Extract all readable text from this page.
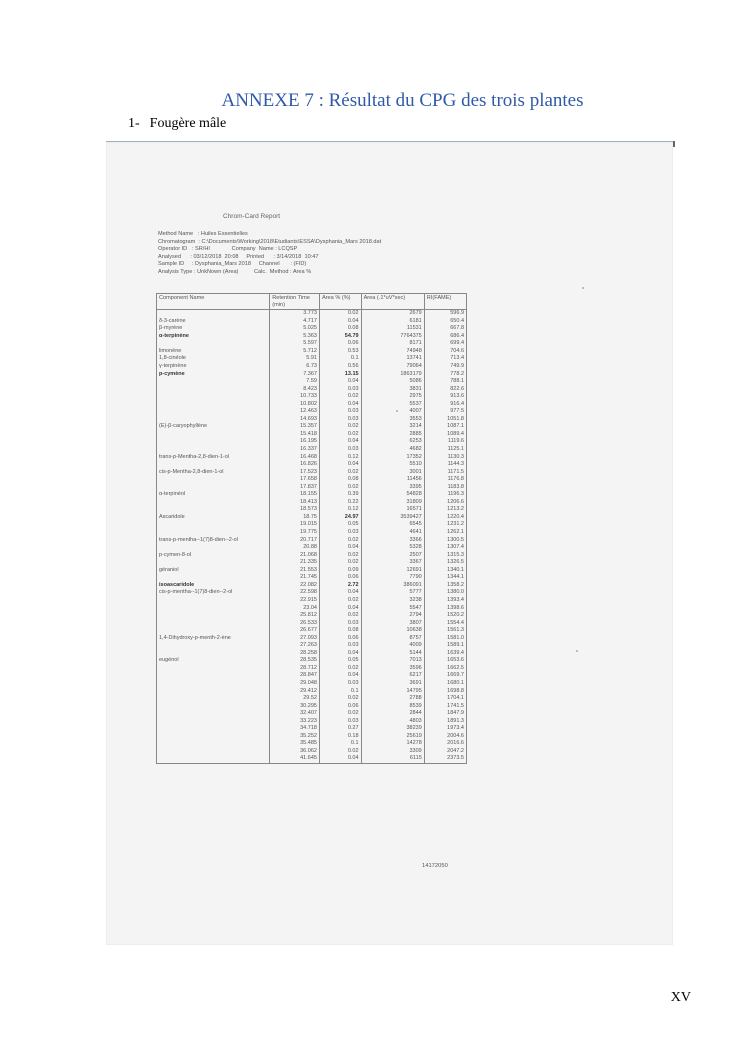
ANNEXE 7 : Résultat du CPG des trois plantes
1- Fougère mâle
Chrom-Card Report
Method Name   : Huiles Essentielles
Chromatogram  : C:\Documents\Working\2018\Etudiants\ESSA\Dysphania_Mars 2018.dat
Operator ID   : SR/HI              Company  Name : LCQSP
Analysed      : 03/12/2018  20:08     Printed      : 3/14/2018  10:47
Sample ID     : Dysphania_Mars 2018     Channel       : (FID)
Analysis Type : UnkNown (Area)          Calc.  Method : Area %
Component Name	Retention Time (min)	Area % (%)	Area (.1*uV*sec)	RI(FAME)
	3.773	0.02	2679	596.9
δ-3-carène	4.717	0.04	6181	650.4
β-myrène	5.025	0.08	11531	667.8
α-terpinène	5.363	54.79	7764375	686.4
	5.597	0.06	8171	699.4
limonène	5.712	0.53	74948	704.6
1,8-cinéole	5.91	0.1	13741	713.4
γ-terpinène	6.73	0.56	79064	749.9
p-cymène	7.367	13.15	1863179	778.2
	7.59	0.04	5086	788.1
	8.423	0.03	3831	822.6
	10.733	0.02	2975	913.6
	10.802	0.04	5537	916.4
	12.463	0.03	4007	977.5
	14.693	0.03	3553	1051.8
(E)-β-caryophyllène	15.357	0.02	3214	1087.1
	15.418	0.02	2885	1089.4
	16.195	0.04	6253	1119.6
	16.337	0.03	4682	1125.1
trans-p-Mentha-2,8-dien-1-ol	16.468	0.12	17352	1130.3
	16.826	0.04	5510	1144.3
cis-p-Mentha-2,8-dien-1-ol	17.523	0.02	3001	1171.5
	17.658	0.08	11456	1176.8
	17.837	0.02	3395	1183.8
α-terpinéol	18.155	0.39	54828	1196.3
	18.413	0.22	31809	1206.6
	18.573	0.12	16571	1213.2
Ascaridole	18.75	24.97	3539427	1220.4
	19.015	0.05	6545	1231.2
	19.775	0.03	4641	1262.1
trans-p-mentha--1(7)8-dien--2-ol	20.717	0.02	3366	1300.5
	20.88	0.04	5328	1307.4
p-cymen-8-ol	21.068	0.02	2507	1315.3
	21.335	0.02	3367	1326.5
géraniol	21.553	0.09	12691	1340.1
	21.745	0.06	7790	1344.1
isoascaridole	22.082	2.72	386091	1358.2
cis-p-mentha--1(7)8-dien--2-ol	22.598	0.04	5777	1380.0
	22.915	0.02	3238	1393.4
	23.04	0.04	5547	1398.6
	25.812	0.02	2794	1520.2
	26.533	0.03	3807	1554.4
	26.677	0.08	10638	1561.3
1,4-Dihydroxy-p-menth-2-ène	27.093	0.06	8757	1581.0
	27.263	0.03	4009	1589.1
	28.258	0.04	5144	1639.4
eugénol	28.535	0.05	7013	1653.6
	28.712	0.02	3596	1662.5
	28.847	0.04	6217	1669.7
	29.048	0.03	3691	1680.1
	29.412	0.1	14795	1698.8
	29.52	0.02	2788	1704.1
	30.295	0.06	8539	1741.5
	32.407	0.02	2844	1847.9
	33.223	0.03	4803	1891.3
	34.718	0.27	38239	1973.4
	35.252	0.18	25619	2004.6
	35.485	0.1	14278	2016.6
	36.062	0.02	3309	2047.2
	41.645	0.04	6115	2373.5
14172050
XV
